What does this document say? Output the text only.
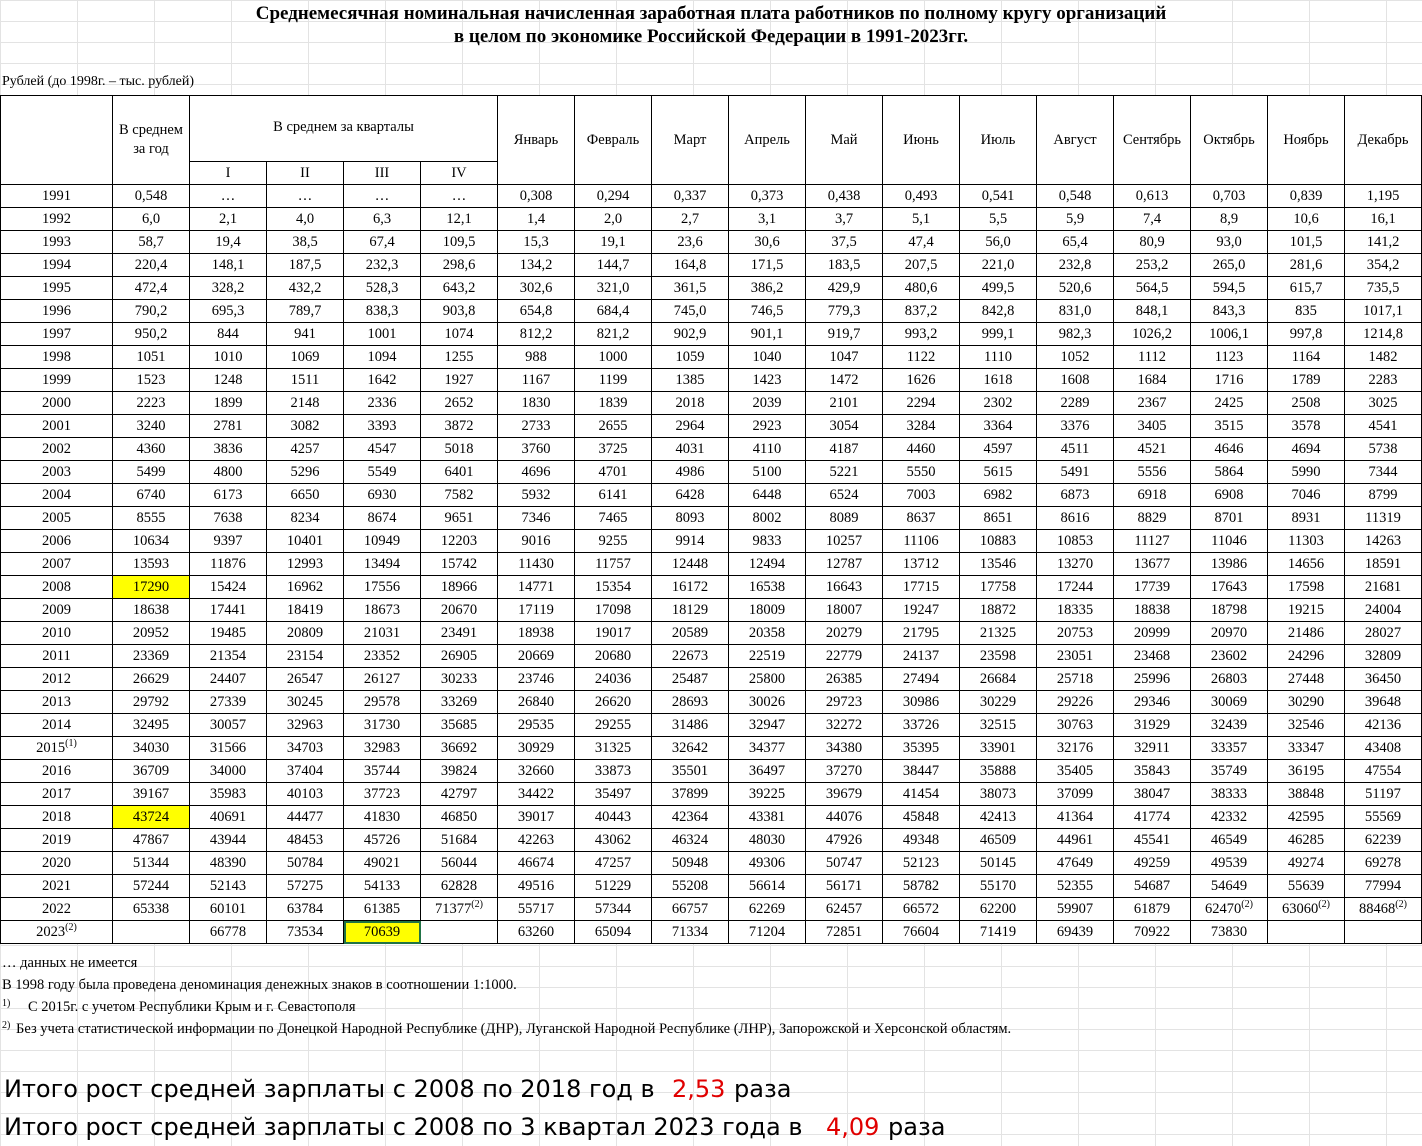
Среднемесячная номинальная начисленная заработная плата работников по полному кругу организаций
в целом по экономике Российской Федерации в 1991-2023гг.
Рублей (до 1998г. – тыс. рублей)
	В среднем за год	В среднем за кварталы				Январь	Февраль	Март	Апрель	Май	Июнь	Июль	Август	Сентябрь	Октябрь	Ноябрь	Декабрь
		I	II	III	IV												
1991	0,548	…	…	…	…	0,308	0,294	0,337	0,373	0,438	0,493	0,541	0,548	0,613	0,703	0,839	1,195
1992	6,0	2,1	4,0	6,3	12,1	1,4	2,0	2,7	3,1	3,7	5,1	5,5	5,9	7,4	8,9	10,6	16,1
1993	58,7	19,4	38,5	67,4	109,5	15,3	19,1	23,6	30,6	37,5	47,4	56,0	65,4	80,9	93,0	101,5	141,2
1994	220,4	148,1	187,5	232,3	298,6	134,2	144,7	164,8	171,5	183,5	207,5	221,0	232,8	253,2	265,0	281,6	354,2
1995	472,4	328,2	432,2	528,3	643,2	302,6	321,0	361,5	386,2	429,9	480,6	499,5	520,6	564,5	594,5	615,7	735,5
1996	790,2	695,3	789,7	838,3	903,8	654,8	684,4	745,0	746,5	779,3	837,2	842,8	831,0	848,1	843,3	835	1017,1
1997	950,2	844	941	1001	1074	812,2	821,2	902,9	901,1	919,7	993,2	999,1	982,3	1026,2	1006,1	997,8	1214,8
1998	1051	1010	1069	1094	1255	988	1000	1059	1040	1047	1122	1110	1052	1112	1123	1164	1482
1999	1523	1248	1511	1642	1927	1167	1199	1385	1423	1472	1626	1618	1608	1684	1716	1789	2283
2000	2223	1899	2148	2336	2652	1830	1839	2018	2039	2101	2294	2302	2289	2367	2425	2508	3025
2001	3240	2781	3082	3393	3872	2733	2655	2964	2923	3054	3284	3364	3376	3405	3515	3578	4541
2002	4360	3836	4257	4547	5018	3760	3725	4031	4110	4187	4460	4597	4511	4521	4646	4694	5738
2003	5499	4800	5296	5549	6401	4696	4701	4986	5100	5221	5550	5615	5491	5556	5864	5990	7344
2004	6740	6173	6650	6930	7582	5932	6141	6428	6448	6524	7003	6982	6873	6918	6908	7046	8799
2005	8555	7638	8234	8674	9651	7346	7465	8093	8002	8089	8637	8651	8616	8829	8701	8931	11319
2006	10634	9397	10401	10949	12203	9016	9255	9914	9833	10257	11106	10883	10853	11127	11046	11303	14263
2007	13593	11876	12993	13494	15742	11430	11757	12448	12494	12787	13712	13546	13270	13677	13986	14656	18591
2008	17290	15424	16962	17556	18966	14771	15354	16172	16538	16643	17715	17758	17244	17739	17643	17598	21681
2009	18638	17441	18419	18673	20670	17119	17098	18129	18009	18007	19247	18872	18335	18838	18798	19215	24004
2010	20952	19485	20809	21031	23491	18938	19017	20589	20358	20279	21795	21325	20753	20999	20970	21486	28027
2011	23369	21354	23154	23352	26905	20669	20680	22673	22519	22779	24137	23598	23051	23468	23602	24296	32809
2012	26629	24407	26547	26127	30233	23746	24036	25487	25800	26385	27494	26684	25718	25996	26803	27448	36450
2013	29792	27339	30245	29578	33269	26840	26620	28693	30026	29723	30986	30229	29226	29346	30069	30290	39648
2014	32495	30057	32963	31730	35685	29535	29255	31486	32947	32272	33726	32515	30763	31929	32439	32546	42136
2015$^{(1)}$	34030	31566	34703	32983	36692	30929	31325	32642	34377	34380	35395	33901	32176	32911	33357	33347	43408
2016	36709	34000	37404	35744	39824	32660	33873	35501	36497	37270	38447	35888	35405	35843	35749	36195	47554
2017	39167	35983	40103	37723	42797	34422	35497	37899	39225	39679	41454	38073	37099	38047	38333	38848	51197
2018	43724	40691	44477	41830	46850	39017	40443	42364	43381	44076	45848	42413	41364	41774	42332	42595	55569
2019	47867	43944	48453	45726	51684	42263	43062	46324	48030	47926	49348	46509	44961	45541	46549	46285	62239
2020	51344	48390	50784	49021	56044	46674	47257	50948	49306	50747	52123	50145	47649	49259	49539	49274	69278
2021	57244	52143	57275	54133	62828	49516	51229	55208	56614	56171	58782	55170	52355	54687	54649	55639	77994
2022	65338	60101	63784	61385	71377$^{(2)}$	55717	57344	66757	62269	62457	66572	62200	59907	61879	62470$^{(2)}$	63060$^{(2)}$	88468$^{(2)}$
2023$^{(2)}$		66778	73534	70639		63260	65094	71334	71204	72851	76604	71419	69439	70922	73830		
… данных не имеется
В 1998 году была проведена деноминация денежных знаков в соотношении 1:1000.
1) С 2015г. с учетом Республики Крым и г. Севастополя
2) Без учета статистической информации по Донецкой Народной Республике (ДНР), Луганской Народной Республике (ЛНР), Запорожской и Херсонской областям.
Итого рост средней зарплаты с 2008 по 2018 год в 2,53 раза
Итого рост средней зарплаты с 2008 по 3 квартал 2023 года в 4,09 раза
